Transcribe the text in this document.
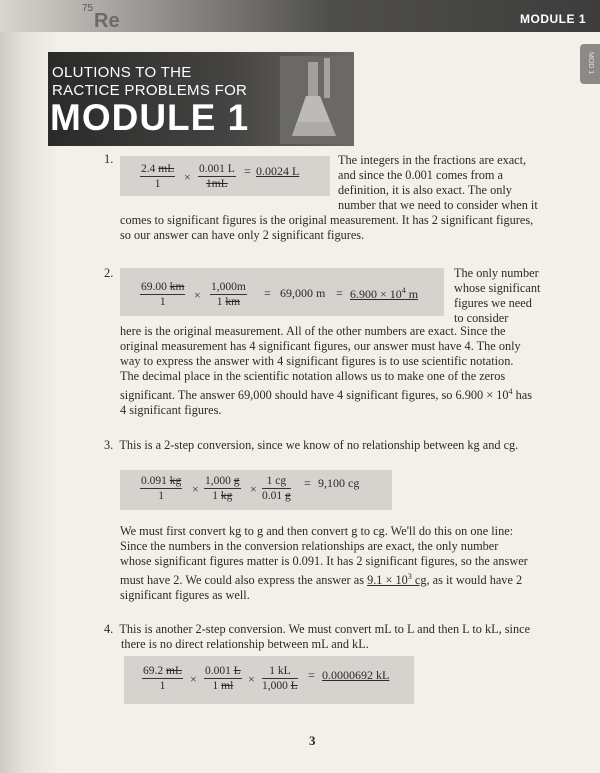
75
Re	MODULE 1
MOD 1
OLUTIONS TO THE
RACTICE PROBLEMS FOR
MODULE 1
1.
$\frac{2.4 mL}{1} \times \frac{0.001 L}{1mL} = 0.0024$ L
The integers in the fractions are exact,
and since the 0.001 comes from a
definition, it is also exact. The only
number that we need to consider when it
comes to significant figures is the original measurement. It has 2 significant figures,
so our answer can have only 2 significant figures.
2.
$\frac{69.00 km}{1} \times \frac{1,000m}{1 km} = 69,000$ $m = 6.900 \times 10^4$ m
The only number
whose significant
figures we need
to consider
here is the original measurement. All of the other numbers are exact. Since the
original measurement has 4 significant figures, our answer must have 4. The only
way to express the answer with 4 significant figures is to use scientific notation.
The decimal place in the scientific notation allows us to make one of the zeros
significant. The answer 69,000 should have 4 significant figures, so $6.900 \times 10^4$ has
4 significant figures.
3. This is a 2-step conversion, since we know of no relationship between kg and cg.
$\frac{0.091 kg}{1} \times \frac{1,000 g}{1 kg} \times \frac{1 cg}{0.01 g} = 9,100$ cg
We must first convert kg to g and then convert g to cg. We'll do this on one line:
Since the numbers in the conversion relationships are exact, the only number
whose significant figures matter is 0.091. It has 2 significant figures, so the answer
must have 2. We could also express the answer as $9.1 \times 10^3$ cg, as it would have 2
significant figures as well.
4. This is another 2-step conversion. We must convert mL to L and then L to kL, since
there is no direct relationship between mL and kL.
$\frac{69.2 mL}{1} \times \frac{0.001 L}{1 ml} \times \frac{1 kL}{1,000 L} = 0.0000692$ kL
3
